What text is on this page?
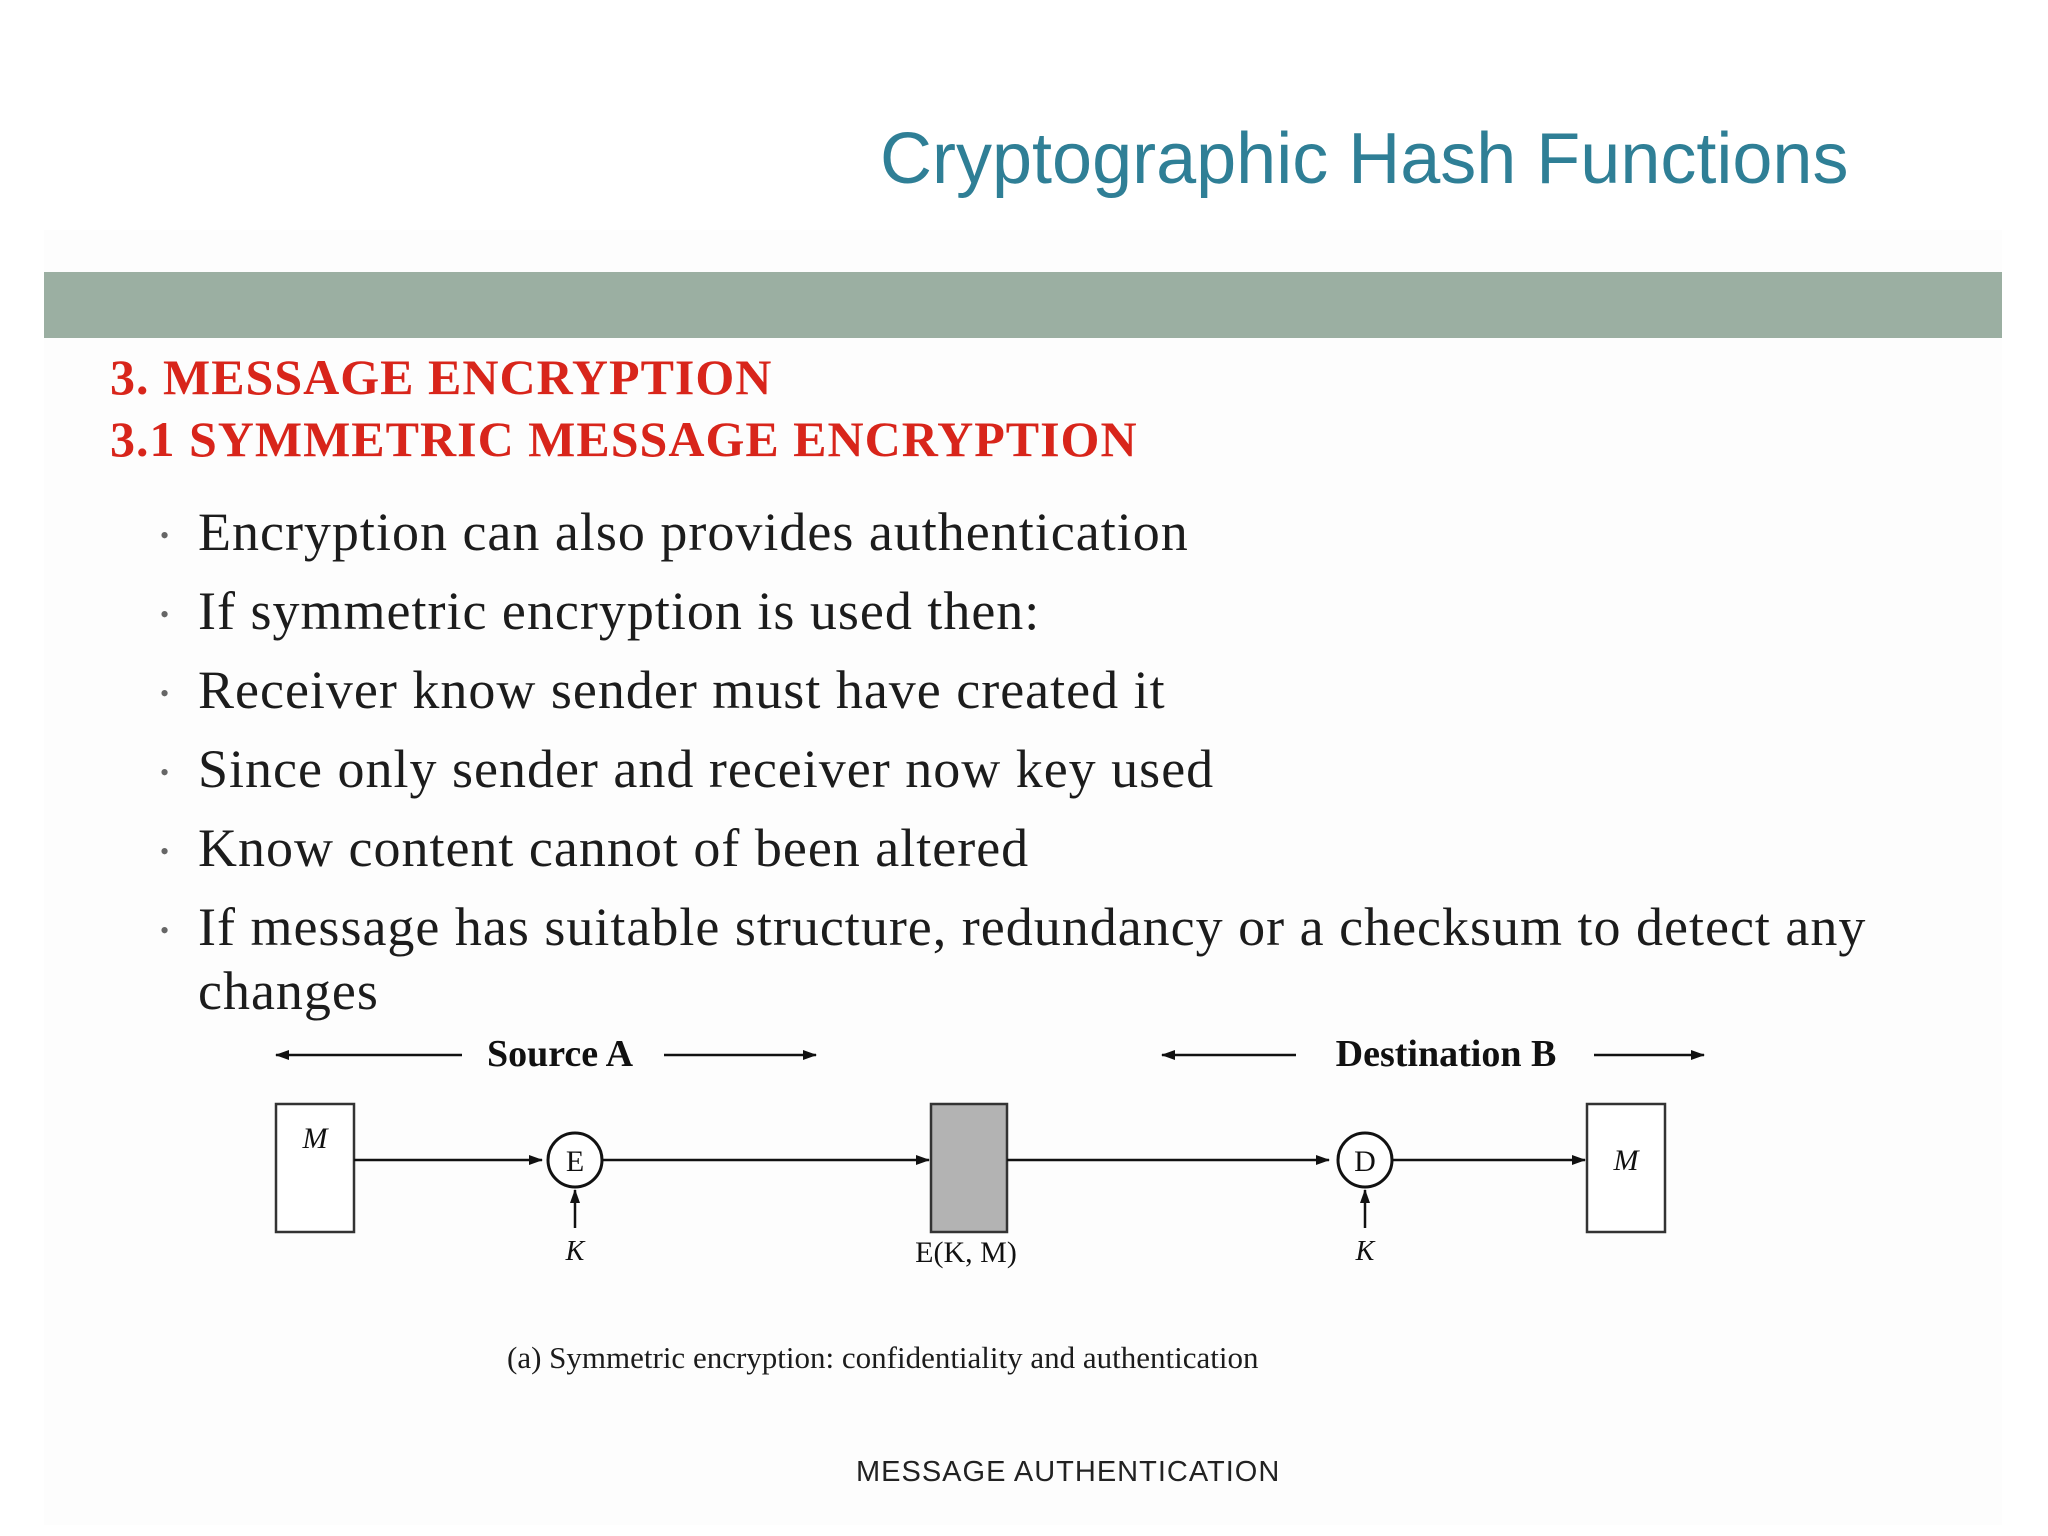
Cryptographic Hash Functions
3. MESSAGE ENCRYPTION
3.1 SYMMETRIC MESSAGE ENCRYPTION
• Encryption can also provides authentication
• If symmetric encryption is used then:
• Receiver know sender must have created it
• Since only sender and receiver now key used
• Know content cannot of been altered
• If message has suitable structure, redundancy or a checksum to detect any changes
Source A	Destination B
M
E
K	E(K, M)
D
K
M
(a) Symmetric encryption: confidentiality and authentication
MESSAGE AUTHENTICATION
